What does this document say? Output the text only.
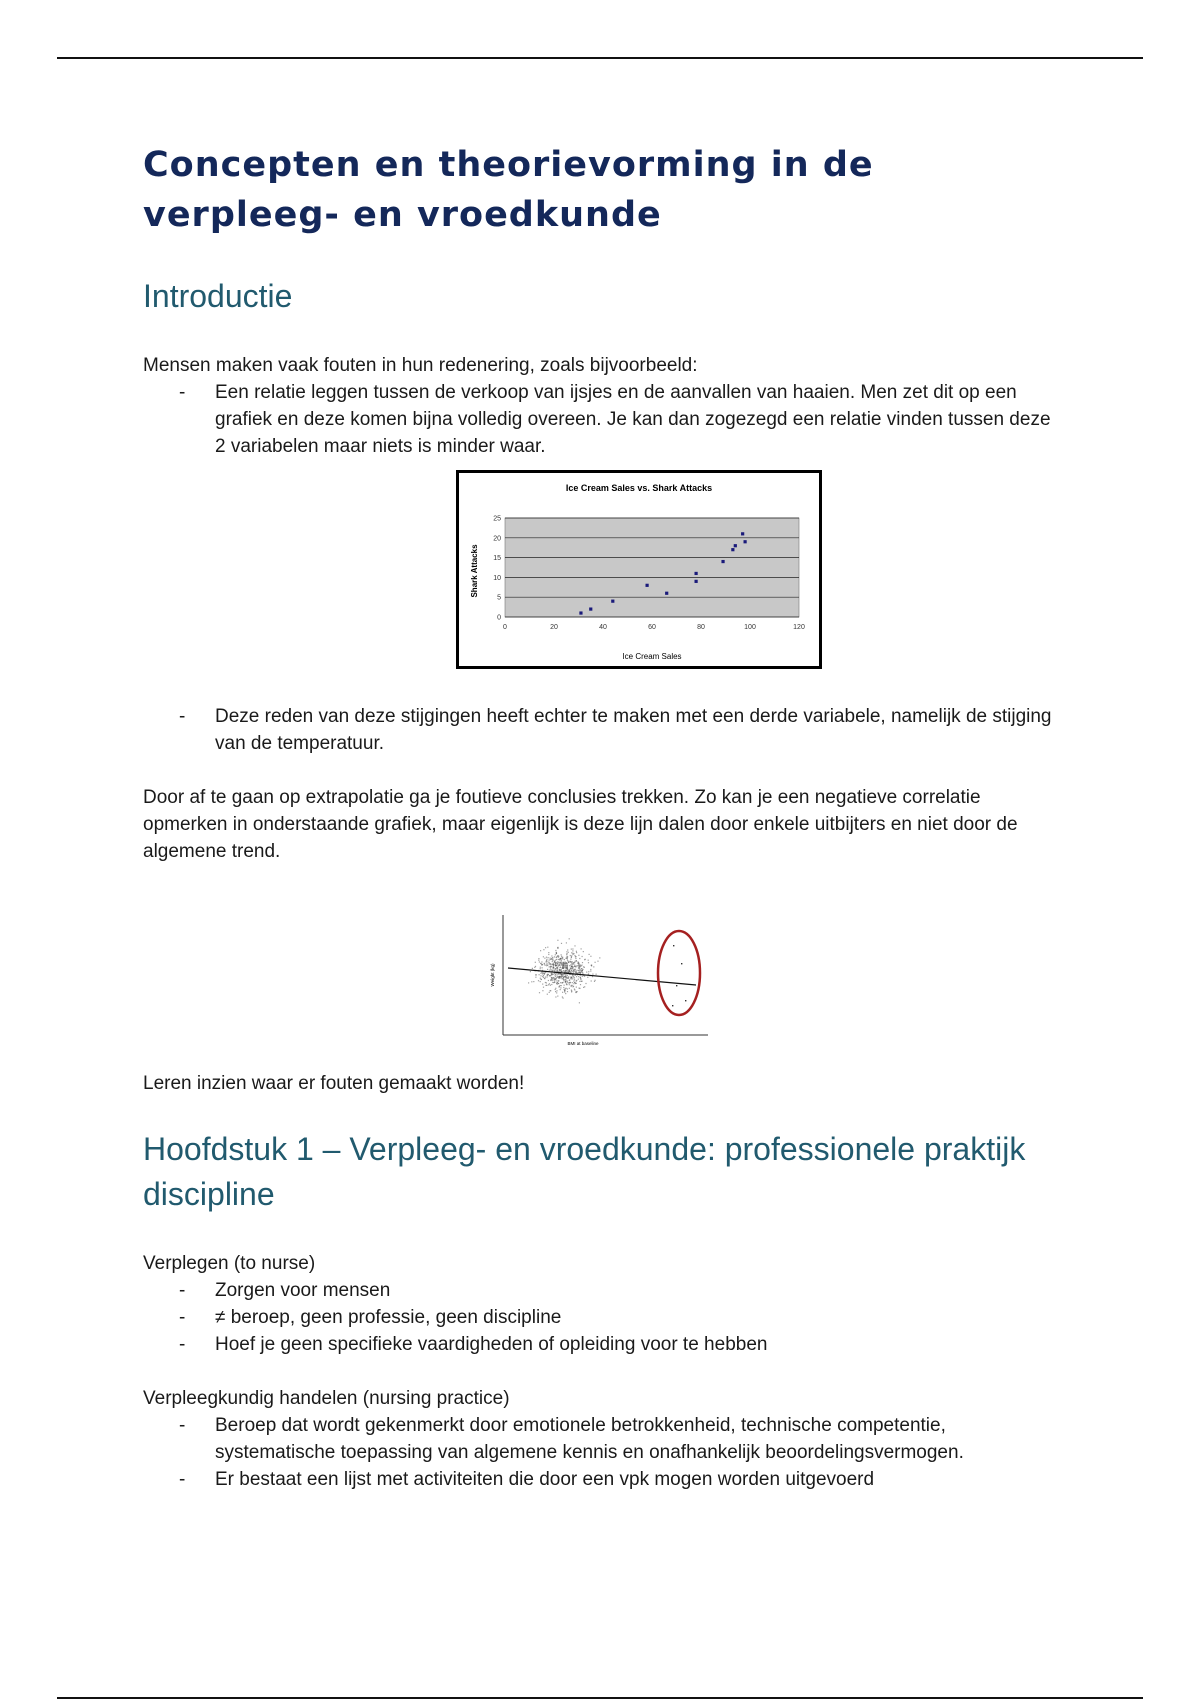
Concepten en theorievorming in de verpleeg- en vroedkunde
Introductie

Mensen maken vaak fouten in hun redenering, zoals bijvoorbeeld:

- Een relatie leggen tussen de verkoop van ijsjes en de aanvallen van haaien. Men zet dit op een grafiek en deze komen bijna volledig overeen. Je kan dan zogezegd een relatie vinden tussen deze 2 variabelen maar niets is minder waar.
Ice Cream Sales vs. Shark Attacks
Shark Attacks
Ice Cream Sales
0
5
10
15
20
25
0	20	40	60	80	100	120
- Deze reden van deze stijgingen heeft echter te maken met een derde variabele, namelijk de stijging van de temperatuur.

Door af te gaan op extrapolatie ga je foutieve conclusies trekken. Zo kan je een negatieve correlatie opmerken in onderstaande grafiek, maar eigenlijk is deze lijn dalen door enkele uitbijters en niet door de algemene trend.

Weight (kg)
BMI at baseline

Leren inzien waar er fouten gemaakt worden!

Hoofdstuk 1 – Verpleeg- en vroedkunde: professionele praktijk discipline

Verplegen (to nurse)

- Zorgen voor mensen
- ≠ beroep, geen professie, geen discipline
- Hoef je geen specifieke vaardigheden of opleiding voor te hebben

Verpleegkundig handelen (nursing practice)

- Beroep dat wordt gekenmerkt door emotionele betrokkenheid, technische competentie, systematische toepassing van algemene kennis en onafhankelijk beoordelingsvermogen.
- Er bestaat een lijst met activiteiten die door een vpk mogen worden uitgevoerd
